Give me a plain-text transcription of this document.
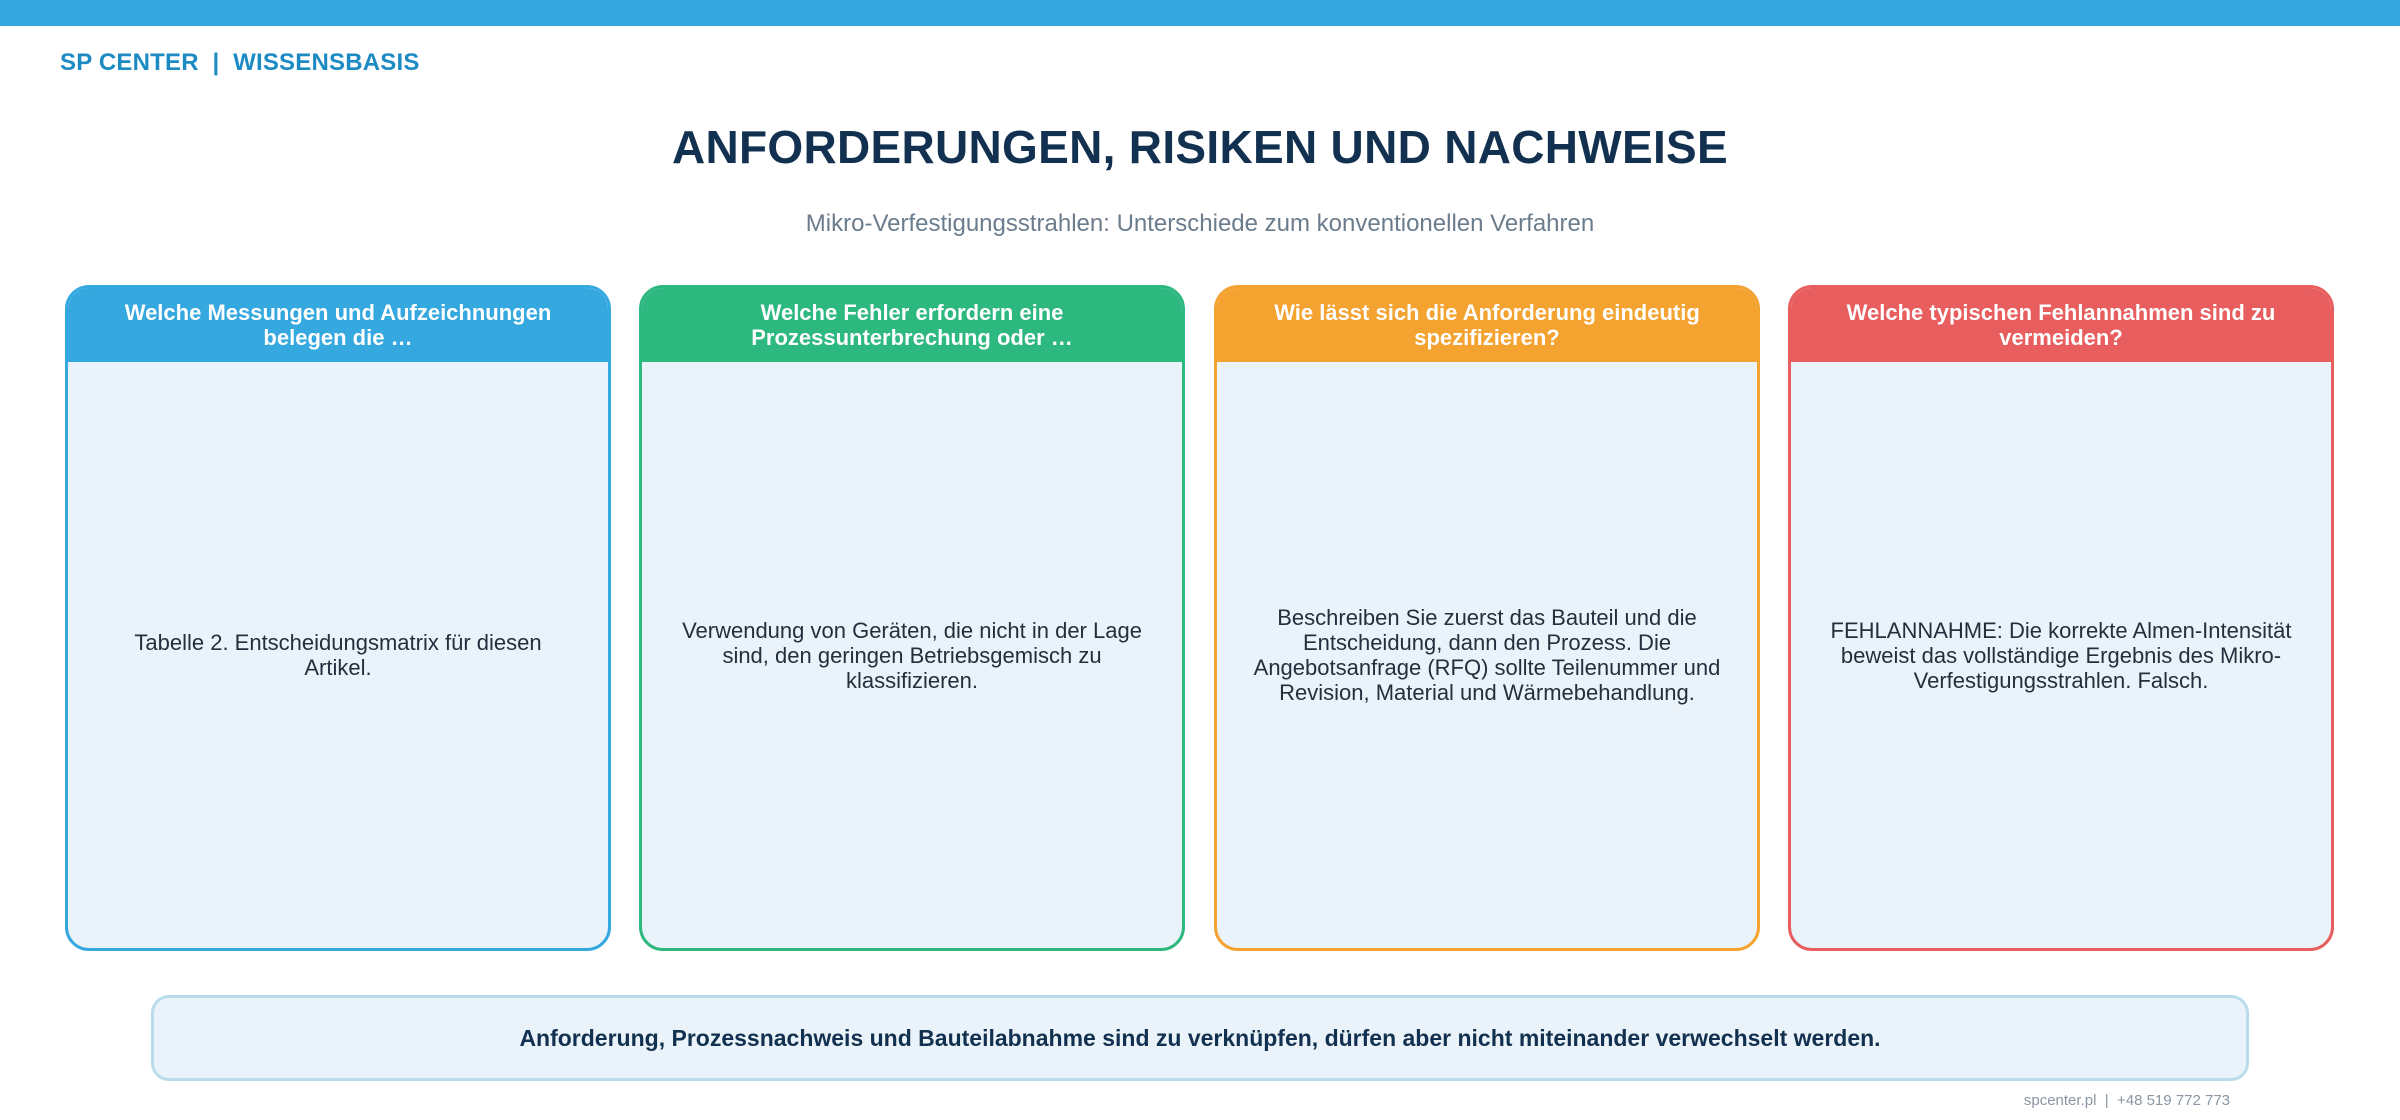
SP CENTER  |  WISSENSBASIS
ANFORDERUNGEN, RISIKEN UND NACHWEISE
Mikro-Verfestigungsstrahlen: Unterschiede zum konventionellen Verfahren
Welche Messungen und Aufzeichnungen belegen die …
Tabelle 2. Entscheidungsmatrix für diesen Artikel.
Welche Fehler erfordern eine Prozessunterbrechung oder …
Verwendung von Geräten, die nicht in der Lage sind, den geringen Betriebsgemisch zu klassifizieren.
Wie lässt sich die Anforderung eindeutig spezifizieren?
Beschreiben Sie zuerst das Bauteil und die Entscheidung, dann den Prozess. Die Angebotsanfrage (RFQ) sollte Teilenummer und Revision, Material und Wärmebehandlung.
Welche typischen Fehlannahmen sind zu vermeiden?
FEHLANNAHME: Die korrekte Almen-Intensität beweist das vollständige Ergebnis des Mikro-Verfestigungsstrahlen. Falsch.
Anforderung, Prozessnachweis und Bauteilabnahme sind zu verknüpfen, dürfen aber nicht miteinander verwechselt werden.
spcenter.pl  |  +48 519 772 773
